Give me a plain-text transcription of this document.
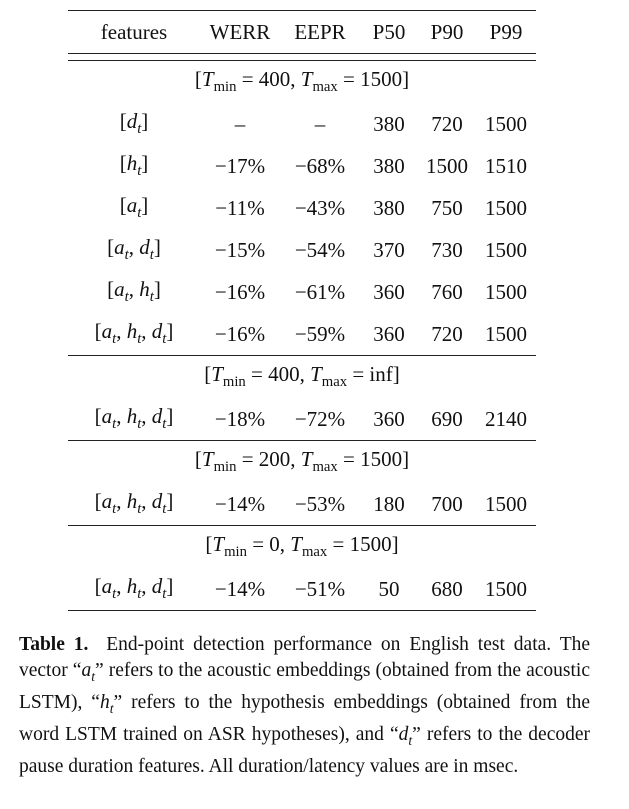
features	WERR	EEPR	P50	P90	P99

[$T_{min} = 400$, $T_{max} = 1500$]					
$[d_t]$	–	–	380	720	1500
$[h_t]$	−17%	−68%	380	1500	1510
$[a_t]$	−11%	−43%	380	750	1500
[$a_t$, $d_t$]	−15%	−54%	370	730	1500
[$a_t$, $h_t$]	−16%	−61%	360	760	1500
[$a_t$, $h_t$, $d_t$]	−16%	−59%	360	720	1500
[$T_{min} = 400$, $T_{max} = inf$]					
[$a_t$, $h_t$, $d_t$]	−18%	−72%	360	690	2140
[$T_{min} = 200$, $T_{max} = 1500$]					
[$a_t$, $h_t$, $d_t$]	−14%	−53%	180	700	1500
[$T_{min} = 0$, $T_{max} = 1500$]					
[$a_t$, $h_t$, $d_t$]	−14%	−51%	50	680	1500
Table 1. End-point detection performance on English test data. The vector “$a_t$” refers to the acoustic embeddings (obtained from the acoustic LSTM), “$h_t$” refers to the hypothesis embeddings (obtained from the word LSTM trained on ASR hypotheses), and “$d_t$” refers to the decoder pause duration features. All duration/latency values are in msec.
